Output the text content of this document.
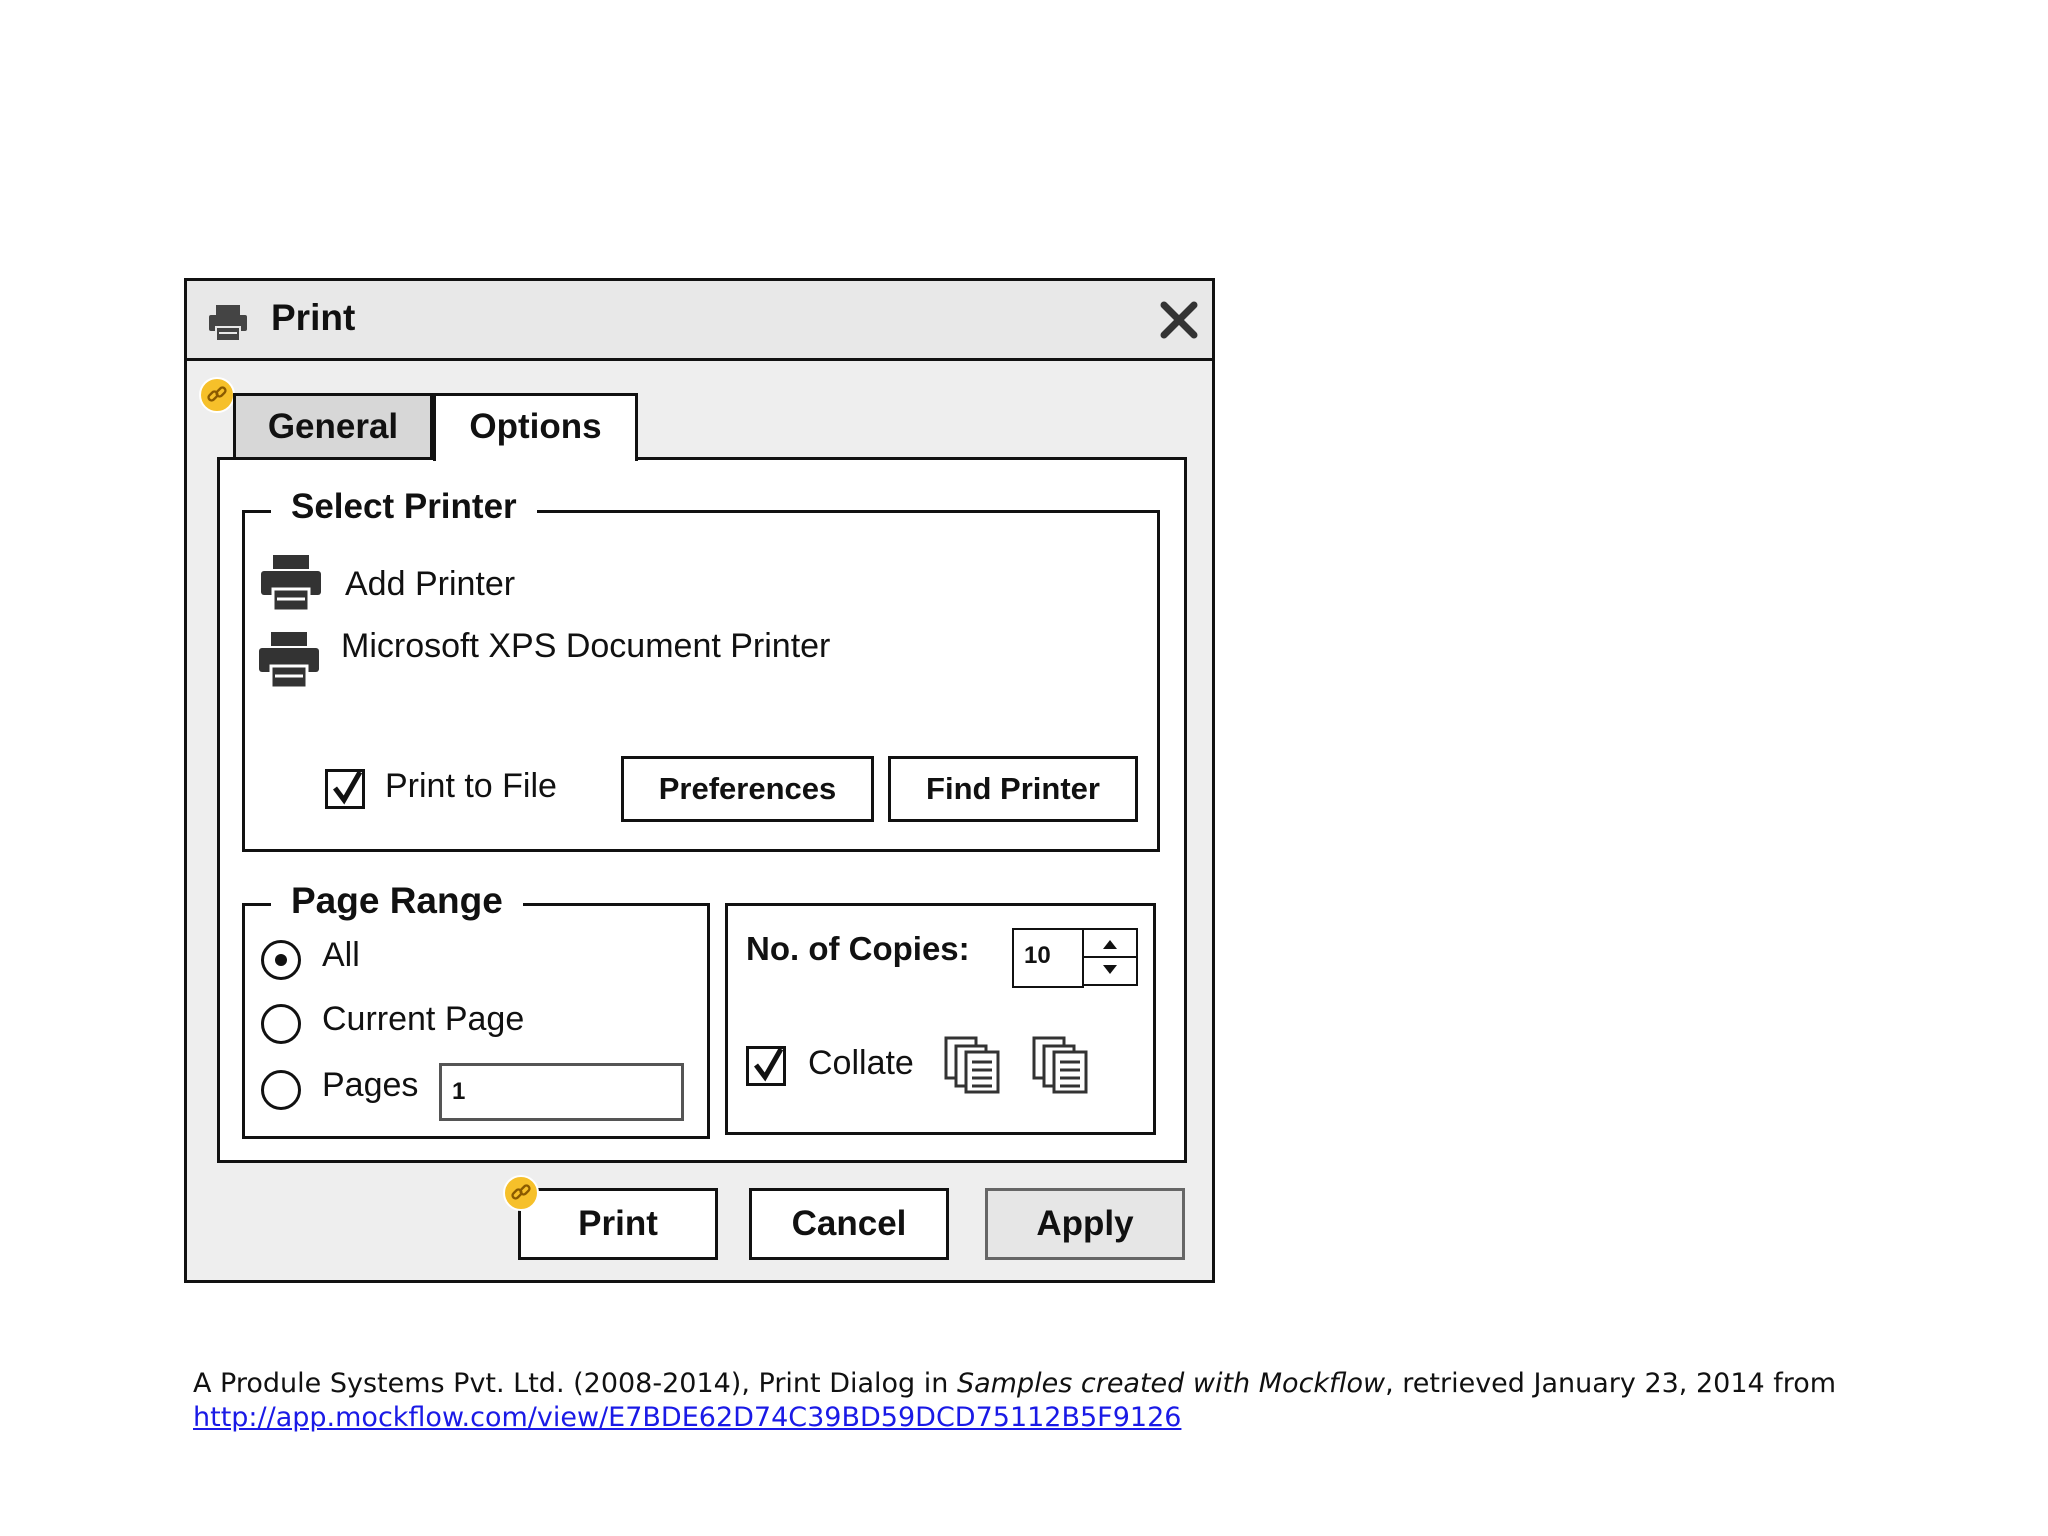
Print
General	Options
Select Printer
Add Printer
Microsoft XPS Document Printer
Print to File	Preferences	Find Printer
Page Range
All
Current Page
Pages	1
No. of Copies:	10
Collate
Print	Cancel	Apply
A Produle Systems Pvt. Ltd. (2008-2014), Print Dialog in Samples created with Mockflow, retrieved January 23, 2014 from
http://app.mockflow.com/view/E7BDE62D74C39BD59DCD75112B5F9126
